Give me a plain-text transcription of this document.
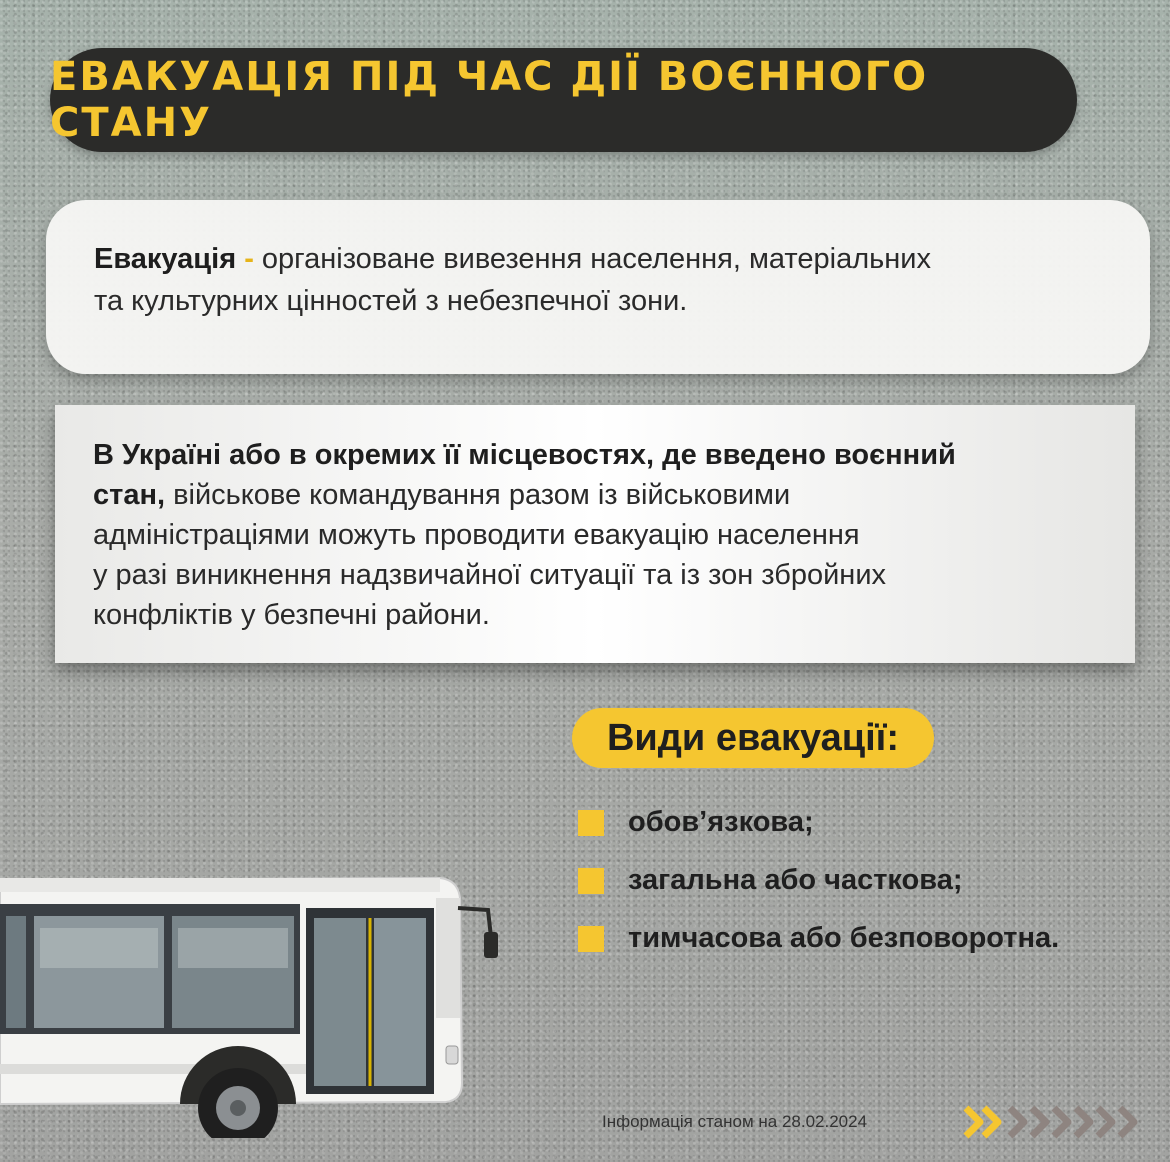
ЕВАКУАЦІЯ ПІД ЧАС ДІЇ ВОЄННОГО СТАНУ
Евакуація - організоване вивезення населення, матеріальних
та культурних цінностей з небезпечної зони.
В Україні або в окремих її місцевостях, де введено воєнний
стан, військове командування разом із військовими
адміністраціями можуть проводити евакуацію населення
у разі виникнення надзвичайної ситуації та із зон збройних
конфліктів у безпечні райони.
Види евакуації:
обов’язкова;
загальна або часткова;
тимчасова або безповоротна.
Інформація станом на 28.02.2024
